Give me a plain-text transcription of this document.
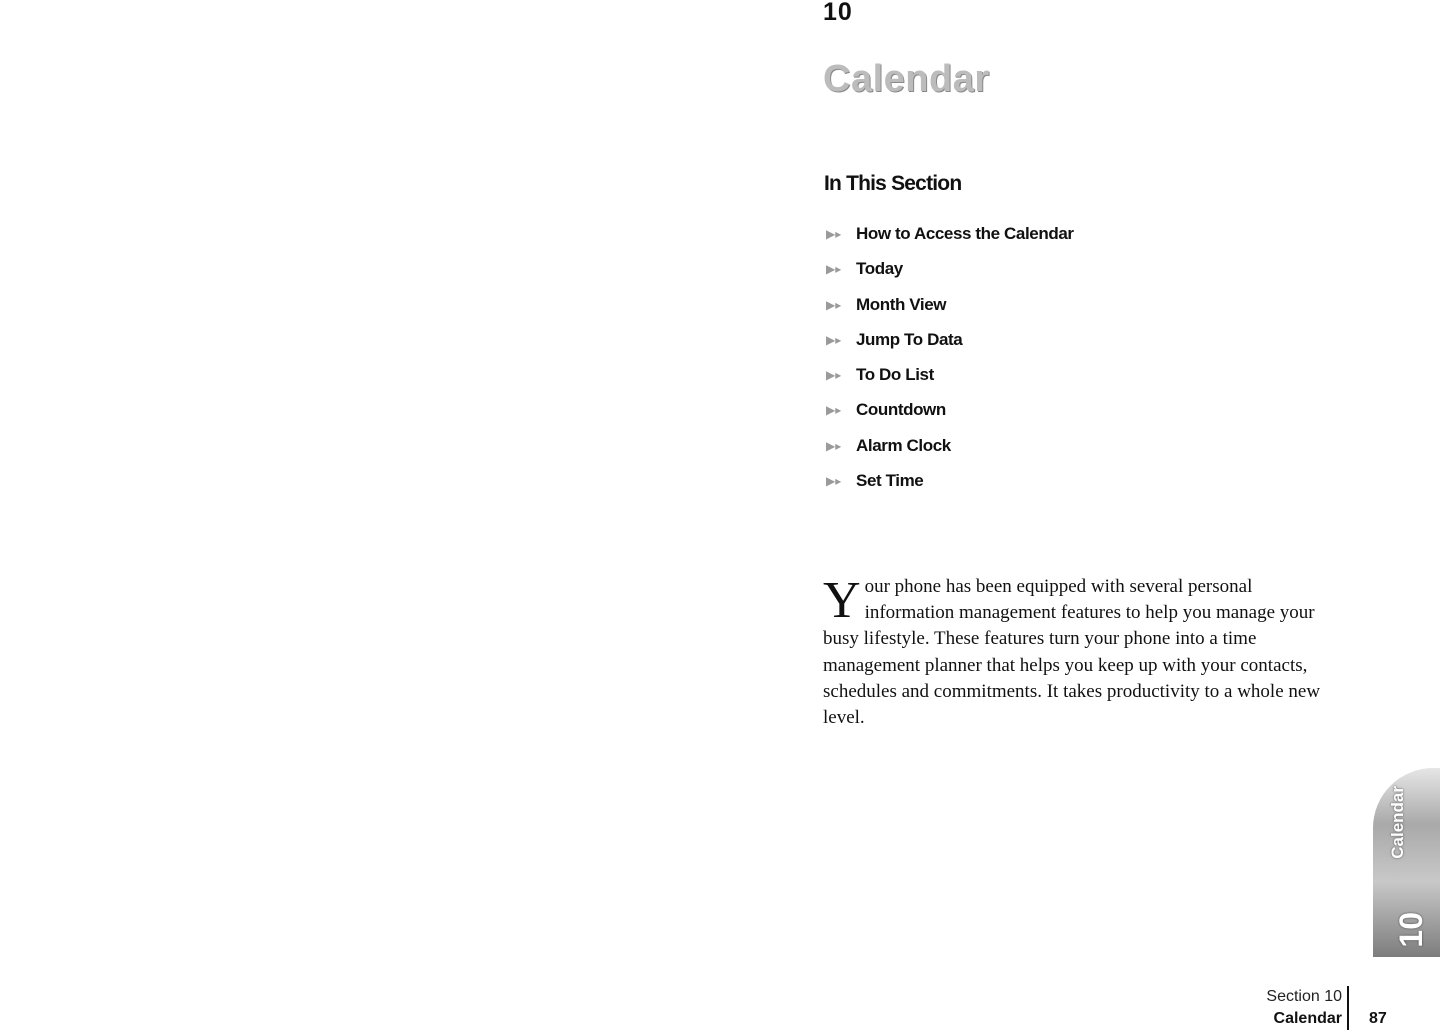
10
Calendar
In This Section
▶▸ How to Access the Calendar
▶▸ Today
▶▸ Month View
▶▸ Jump To Data
▶▸ To Do List
▶▸ Countdown
▶▸ Alarm Clock
▶▸ Set Time

Your phone has been equipped with several personal information management features to help you manage your busy lifestyle. These features turn your phone into a time management planner that helps you keep up with your contacts, schedules and commitments. It takes productivity to a whole new level.

Calendar
10
Section 10
Calendar 87
